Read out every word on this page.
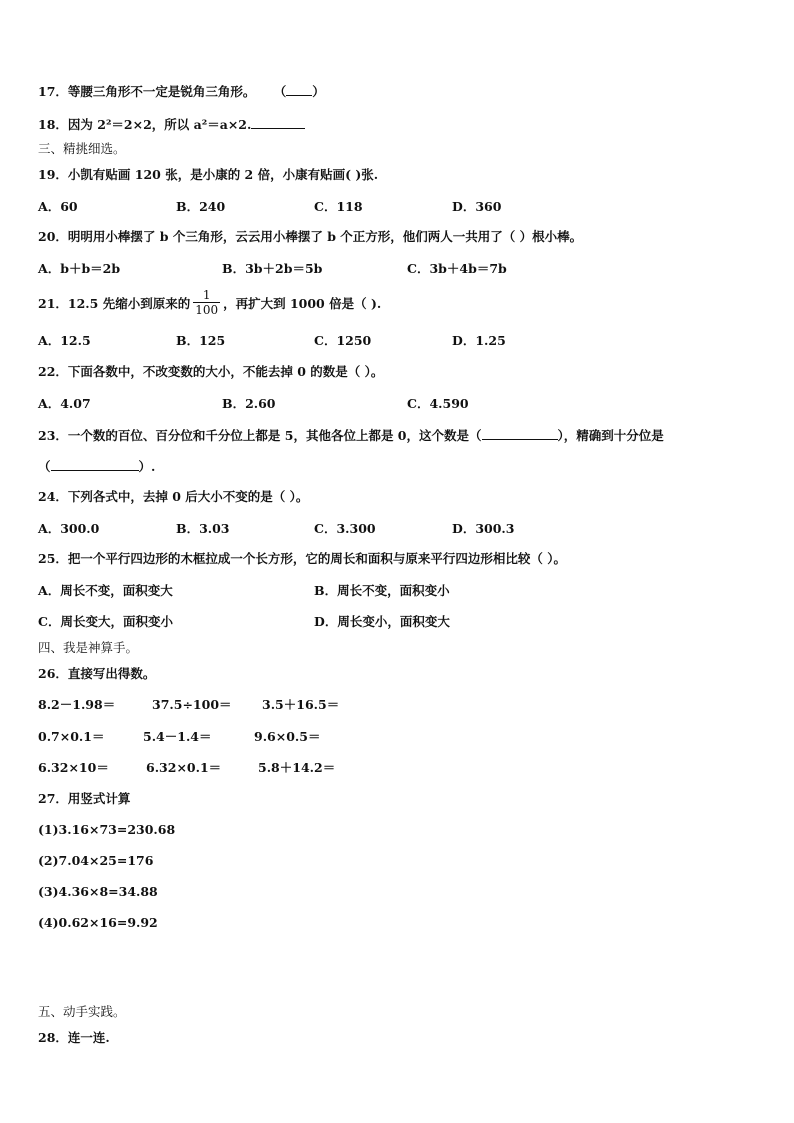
17．等腰三角形不一定是锐角三角形。 （ ）
18．因为 2²＝2×2，所以 a²＝a×2.
三、精挑细选。
19．小凯有贴画 120 张，是小康的 2 倍，小康有贴画( )张.
A．60	B．240	C．118	D．360
20．明明用小棒摆了 b 个三角形，云云用小棒摆了 b 个正方形，他们两人一共用了（ ）根小棒。
A．b＋b＝2b	B．3b＋2b＝5b	C．3b＋4b＝7b
21．12.5 先缩小到原来的 $\frac{1}{100}$ ，再扩大到 1000 倍是（ ).
A．12.5	B．125	C．1250	D．1.25
22．下面各数中，不改变数的大小，不能去掉 0 的数是（ ）。
A．4.07	B．2.60	C．4.590
23．一个数的百位、百分位和千分位上都是 5，其他各位上都是 0，这个数是（	），精确到十分位是
（	）.
24．下列各式中，去掉 0 后大小不变的是（ ）。
A．300.0	B．3.03	C．3.300	D．300.3
25．把一个平行四边形的木框拉成一个长方形，它的周长和面积与原来平行四边形相比较（ ）。
A．周长不变，面积变大	B．周长不变，面积变小
C．周长变大，面积变小	D．周长变小，面积变大
四、我是神算手。
26．直接写出得数。
8.2－1.98＝	37.5÷100＝ 3.5＋16.5＝
0.7×0.1＝	5.4－1.4＝	9.6×0.5＝
6.32×10＝	6.32×0.1＝	5.8＋14.2＝
27．用竖式计算
(1)3.16×73=230.68
(2)7.04×25=176
(3)4.36×8=34.88
(4)0.62×16=9.92
五、动手实践。
28．连一连.
